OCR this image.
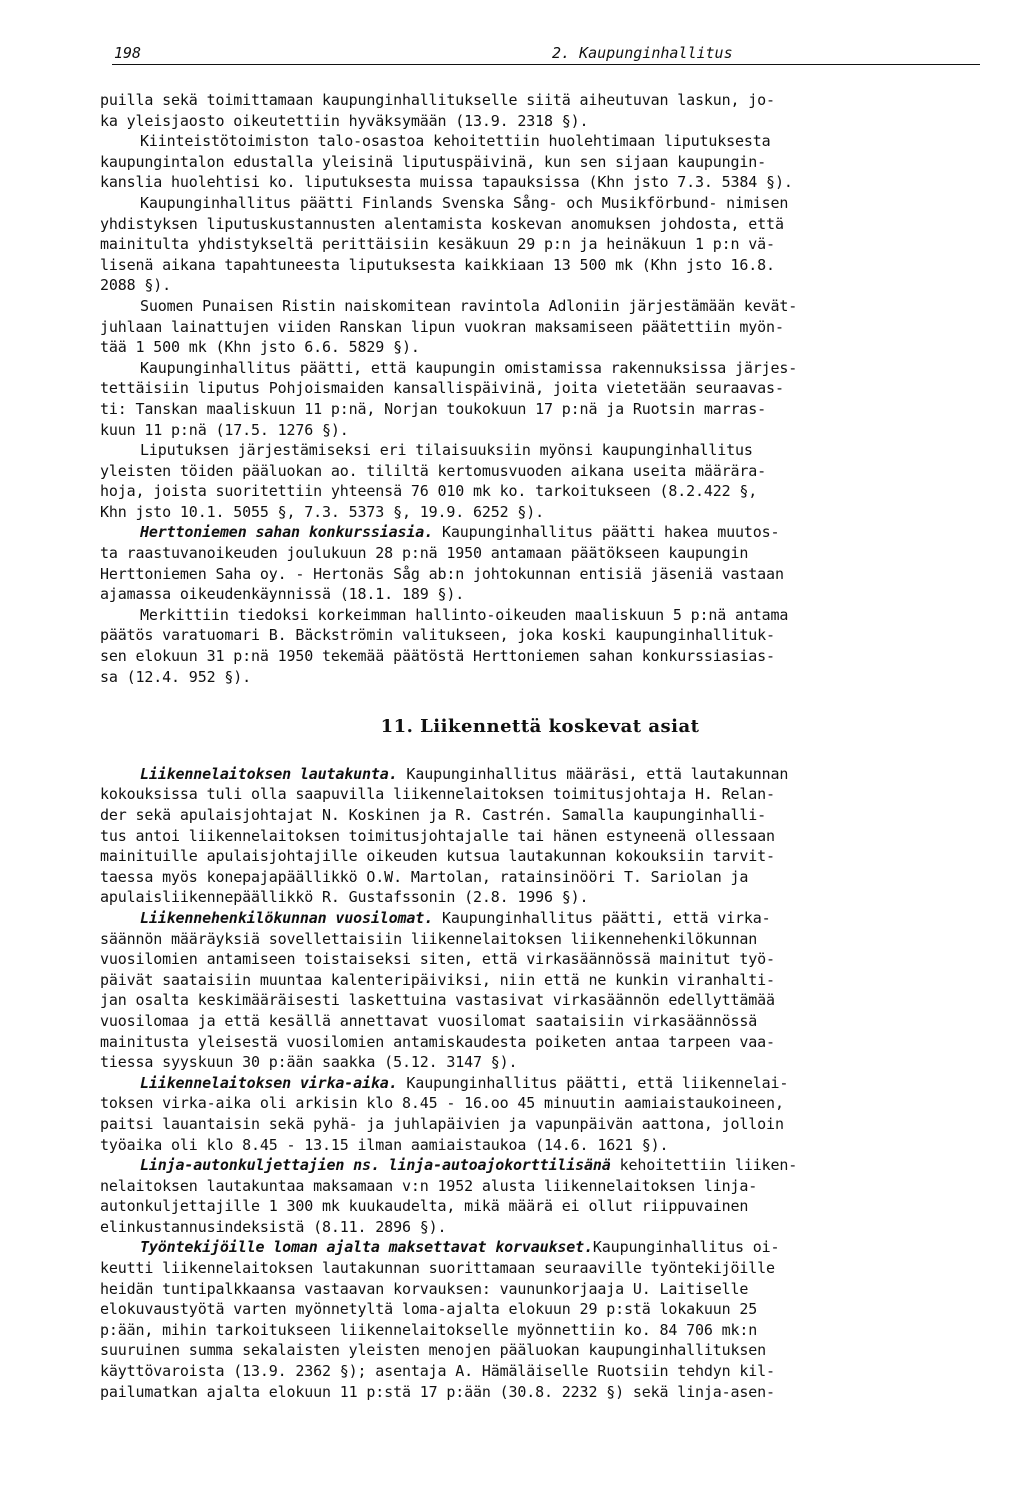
198	2. Kaupunginhallitus

puilla sekä toimittamaan kaupunginhallitukselle siitä aiheutuvan laskun, jo-
ka yleisjaosto oikeutettiin hyväksymään (13.9. 2318 §).

Kiinteistötoimiston talo-osastoa kehoitettiin huolehtimaan liputuksesta
kaupungintalon edustalla yleisinä liputuspäivinä, kun sen sijaan kaupungin-
kanslia huolehtisi ko. liputuksesta muissa tapauksissa (Khn jsto 7.3. 5384 §).

Kaupunginhallitus päätti Finlands Svenska Sång- och Musikförbund- nimisen
yhdistyksen liputuskustannusten alentamista koskevan anomuksen johdosta, että
mainitulta yhdistykseltä perittäisiin kesäkuun 29 p:n ja heinäkuun 1 p:n vä-
lisenä aikana tapahtuneesta liputuksesta kaikkiaan 13 500 mk (Khn jsto 16.8.
2088 §).

Suomen Punaisen Ristin naiskomitean ravintola Adloniin järjestämään kevät-
juhlaan lainattujen viiden Ranskan lipun vuokran maksamiseen päätettiin myön-
tää 1 500 mk (Khn jsto 6.6. 5829 §).

Kaupunginhallitus päätti, että kaupungin omistamissa rakennuksissa järjes-
tettäisiin liputus Pohjoismaiden kansallispäivinä, joita vietetään seuraavas-
ti: Tanskan maaliskuun 11 p:nä, Norjan toukokuun 17 p:nä ja Ruotsin marras-
kuun 11 p:nä (17.5. 1276 §).

Liputuksen järjestämiseksi eri tilaisuuksiin myönsi kaupunginhallitus
yleisten töiden pääluokan ao. tililtä kertomusvuoden aikana useita määrära-
hoja, joista suoritettiin yhteensä 76 010 mk ko. tarkoitukseen (8.2.422 §,
Khn jsto 10.1. 5055 §, 7.3. 5373 §, 19.9. 6252 §).

Herttoniemen sahan konkurssiasia. Kaupunginhallitus päätti hakea muutos-
ta raastuvanoikeuden joulukuun 28 p:nä 1950 antamaan päätökseen kaupungin
Herttoniemen Saha oy. - Hertonäs Såg ab:n johtokunnan entisiä jäseniä vastaan
ajamassa oikeudenkäynnissä (18.1. 189 §).

Merkittiin tiedoksi korkeimman hallinto-oikeuden maaliskuun 5 p:nä antama
päätös varatuomari B. Bäckströmin valitukseen, joka koski kaupunginhallituk-
sen elokuun 31 p:nä 1950 tekemää päätöstä Herttoniemen sahan konkurssiasias-
sa (12.4. 952 §).

11. Liikennettä koskevat asiat

Liikennelaitoksen lautakunta. Kaupunginhallitus määräsi, että lautakunnan
kokouksissa tuli olla saapuvilla liikennelaitoksen toimitusjohtaja H. Relan-
der sekä apulaisjohtajat N. Koskinen ja R. Castrén. Samalla kaupunginhalli-
tus antoi liikennelaitoksen toimitusjohtajalle tai hänen estyneenä ollessaan
mainituille apulaisjohtajille oikeuden kutsua lautakunnan kokouksiin tarvit-
taessa myös konepajapäällikkö O.W. Martolan, ratainsinööri T. Sariolan ja
apulaisliikennepäällikkö R. Gustafssonin (2.8. 1996 §).

Liikennehenkilökunnan vuosilomat. Kaupunginhallitus päätti, että virka-
säännön määräyksiä sovellettaisiin liikennelaitoksen liikennehenkilökunnan
vuosilomien antamiseen toistaiseksi siten, että virkasäännössä mainitut työ-
päivät saataisiin muuntaa kalenteripäiviksi, niin että ne kunkin viranhalti-
jan osalta keskimääräisesti laskettuina vastasivat virkasäännön edellyttämää
vuosilomaa ja että kesällä annettavat vuosilomat saataisiin virkasäännössä
mainitusta yleisestä vuosilomien antamiskaudesta poiketen antaa tarpeen vaa-
tiessa syyskuun 30 p:ään saakka (5.12. 3147 §).

Liikennelaitoksen virka-aika. Kaupunginhallitus päätti, että liikennelai-
toksen virka-aika oli arkisin klo 8.45 - 16.oo 45 minuutin aamiaistaukoineen,
paitsi lauantaisin sekä pyhä- ja juhlapäivien ja vapunpäivän aattona, jolloin
työaika oli klo 8.45 - 13.15 ilman aamiaistaukoa (14.6. 1621 §).

Linja-autonkuljettajien ns. linja-autoajokorttilisänä kehoitettiin liiken-
nelaitoksen lautakuntaa maksamaan v:n 1952 alusta liikennelaitoksen linja-
autonkuljettajille 1 300 mk kuukaudelta, mikä määrä ei ollut riippuvainen
elinkustannusindeksistä (8.11. 2896 §).

Työntekijöille loman ajalta maksettavat korvaukset.Kaupunginhallitus oi-
keutti liikennelaitoksen lautakunnan suorittamaan seuraaville työntekijöille
heidän tuntipalkkaansa vastaavan korvauksen: vaununkorjaaja U. Laitiselle
elokuvaustyötä varten myönnetyltä loma-ajalta elokuun 29 p:stä lokakuun 25
p:ään, mihin tarkoitukseen liikennelaitokselle myönnettiin ko. 84 706 mk:n
suuruinen summa sekalaisten yleisten menojen pääluokan kaupunginhallituksen
käyttövaroista (13.9. 2362 §); asentaja A. Hämäläiselle Ruotsiin tehdyn kil-
pailumatkan ajalta elokuun 11 p:stä 17 p:ään (30.8. 2232 §) sekä linja-asen-
